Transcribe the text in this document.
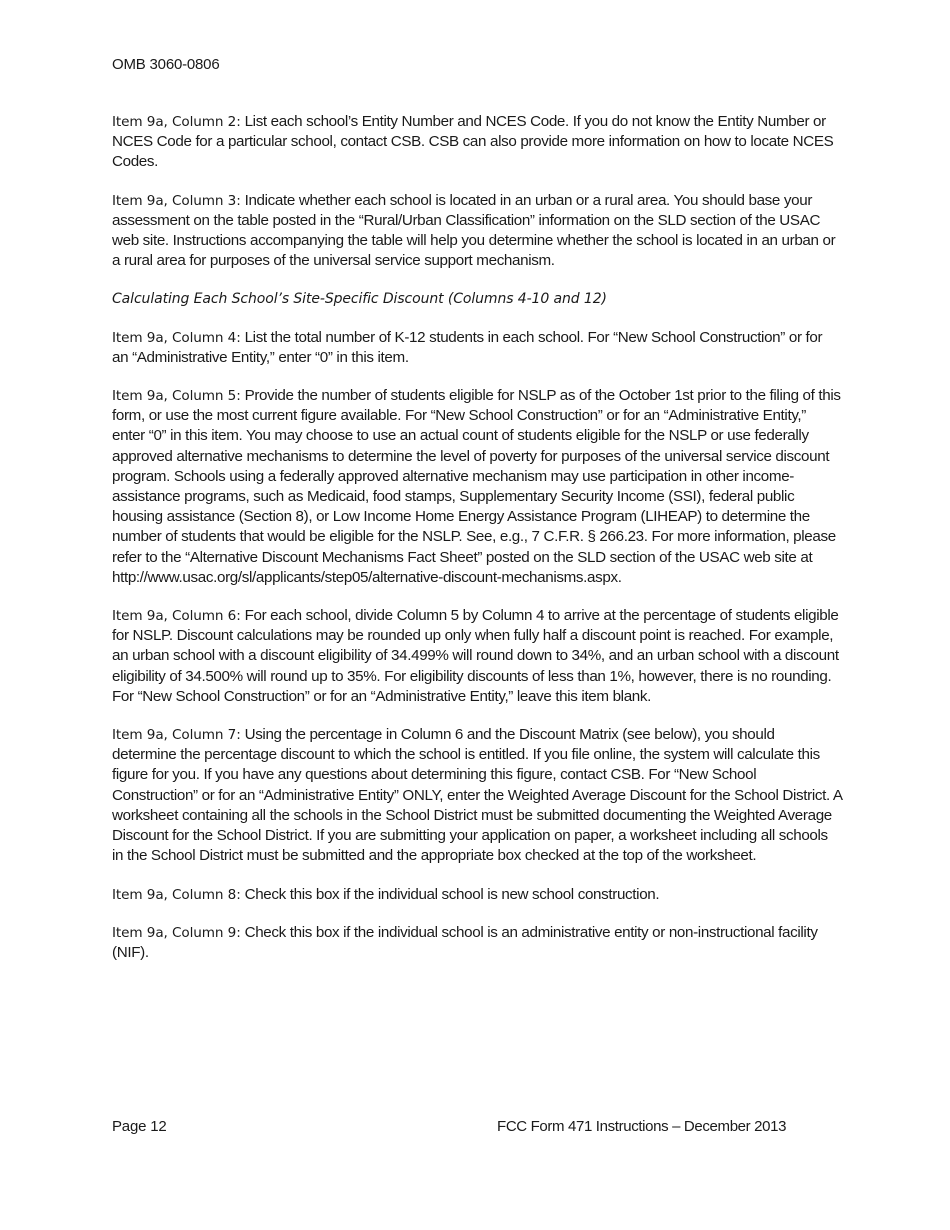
OMB 3060-0806

Item 9a, Column 2: List each school’s Entity Number and NCES Code. If you do not know the Entity Number or NCES Code for a particular school, contact CSB. CSB can also provide more information on how to locate NCES Codes.

Item 9a, Column 3: Indicate whether each school is located in an urban or a rural area. You should base your assessment on the table posted in the “Rural/Urban Classification” information on the SLD section of the USAC web site. Instructions accompanying the table will help you determine whether the school is located in an urban or a rural area for purposes of the universal service support mechanism.

Calculating Each School’s Site-Specific Discount (Columns 4-10 and 12)

Item 9a, Column 4: List the total number of K-12 students in each school. For “New School Construction” or for an “Administrative Entity,” enter “0” in this item.

Item 9a, Column 5: Provide the number of students eligible for NSLP as of the October 1st prior to the filing of this form, or use the most current figure available. For “New School Construction” or for an “Administrative Entity,” enter “0” in this item. You may choose to use an actual count of students eligible for the NSLP or use federally approved alternative mechanisms to determine the level of poverty for purposes of the universal service discount program. Schools using a federally approved alternative mechanism may use participation in other income-assistance programs, such as Medicaid, food stamps, Supplementary Security Income (SSI), federal public housing assistance (Section 8), or Low Income Home Energy Assistance Program (LIHEAP) to determine the number of students that would be eligible for the NSLP. See, e.g., 7 C.F.R. § 266.23. For more information, please refer to the “Alternative Discount Mechanisms Fact Sheet” posted on the SLD section of the USAC web site at http://www.usac.org/sl/applicants/step05/alternative-discount-mechanisms.aspx.

Item 9a, Column 6: For each school, divide Column 5 by Column 4 to arrive at the percentage of students eligible for NSLP. Discount calculations may be rounded up only when fully half a discount point is reached. For example, an urban school with a discount eligibility of 34.499% will round down to 34%, and an urban school with a discount eligibility of 34.500% will round up to 35%. For eligibility discounts of less than 1%, however, there is no rounding. For “New School Construction” or for an “Administrative Entity,” leave this item blank.

Item 9a, Column 7: Using the percentage in Column 6 and the Discount Matrix (see below), you should determine the percentage discount to which the school is entitled. If you file online, the system will calculate this figure for you. If you have any questions about determining this figure, contact CSB. For “New School Construction” or for an “Administrative Entity” ONLY, enter the Weighted Average Discount for the School District. A worksheet containing all the schools in the School District must be submitted documenting the Weighted Average Discount for the School District. If you are submitting your application on paper, a worksheet including all schools in the School District must be submitted and the appropriate box checked at the top of the worksheet.

Item 9a, Column 8: Check this box if the individual school is new school construction.

Item 9a, Column 9: Check this box if the individual school is an administrative entity or non-instructional facility (NIF).

Page 12	FCC Form 471 Instructions – December 2013
